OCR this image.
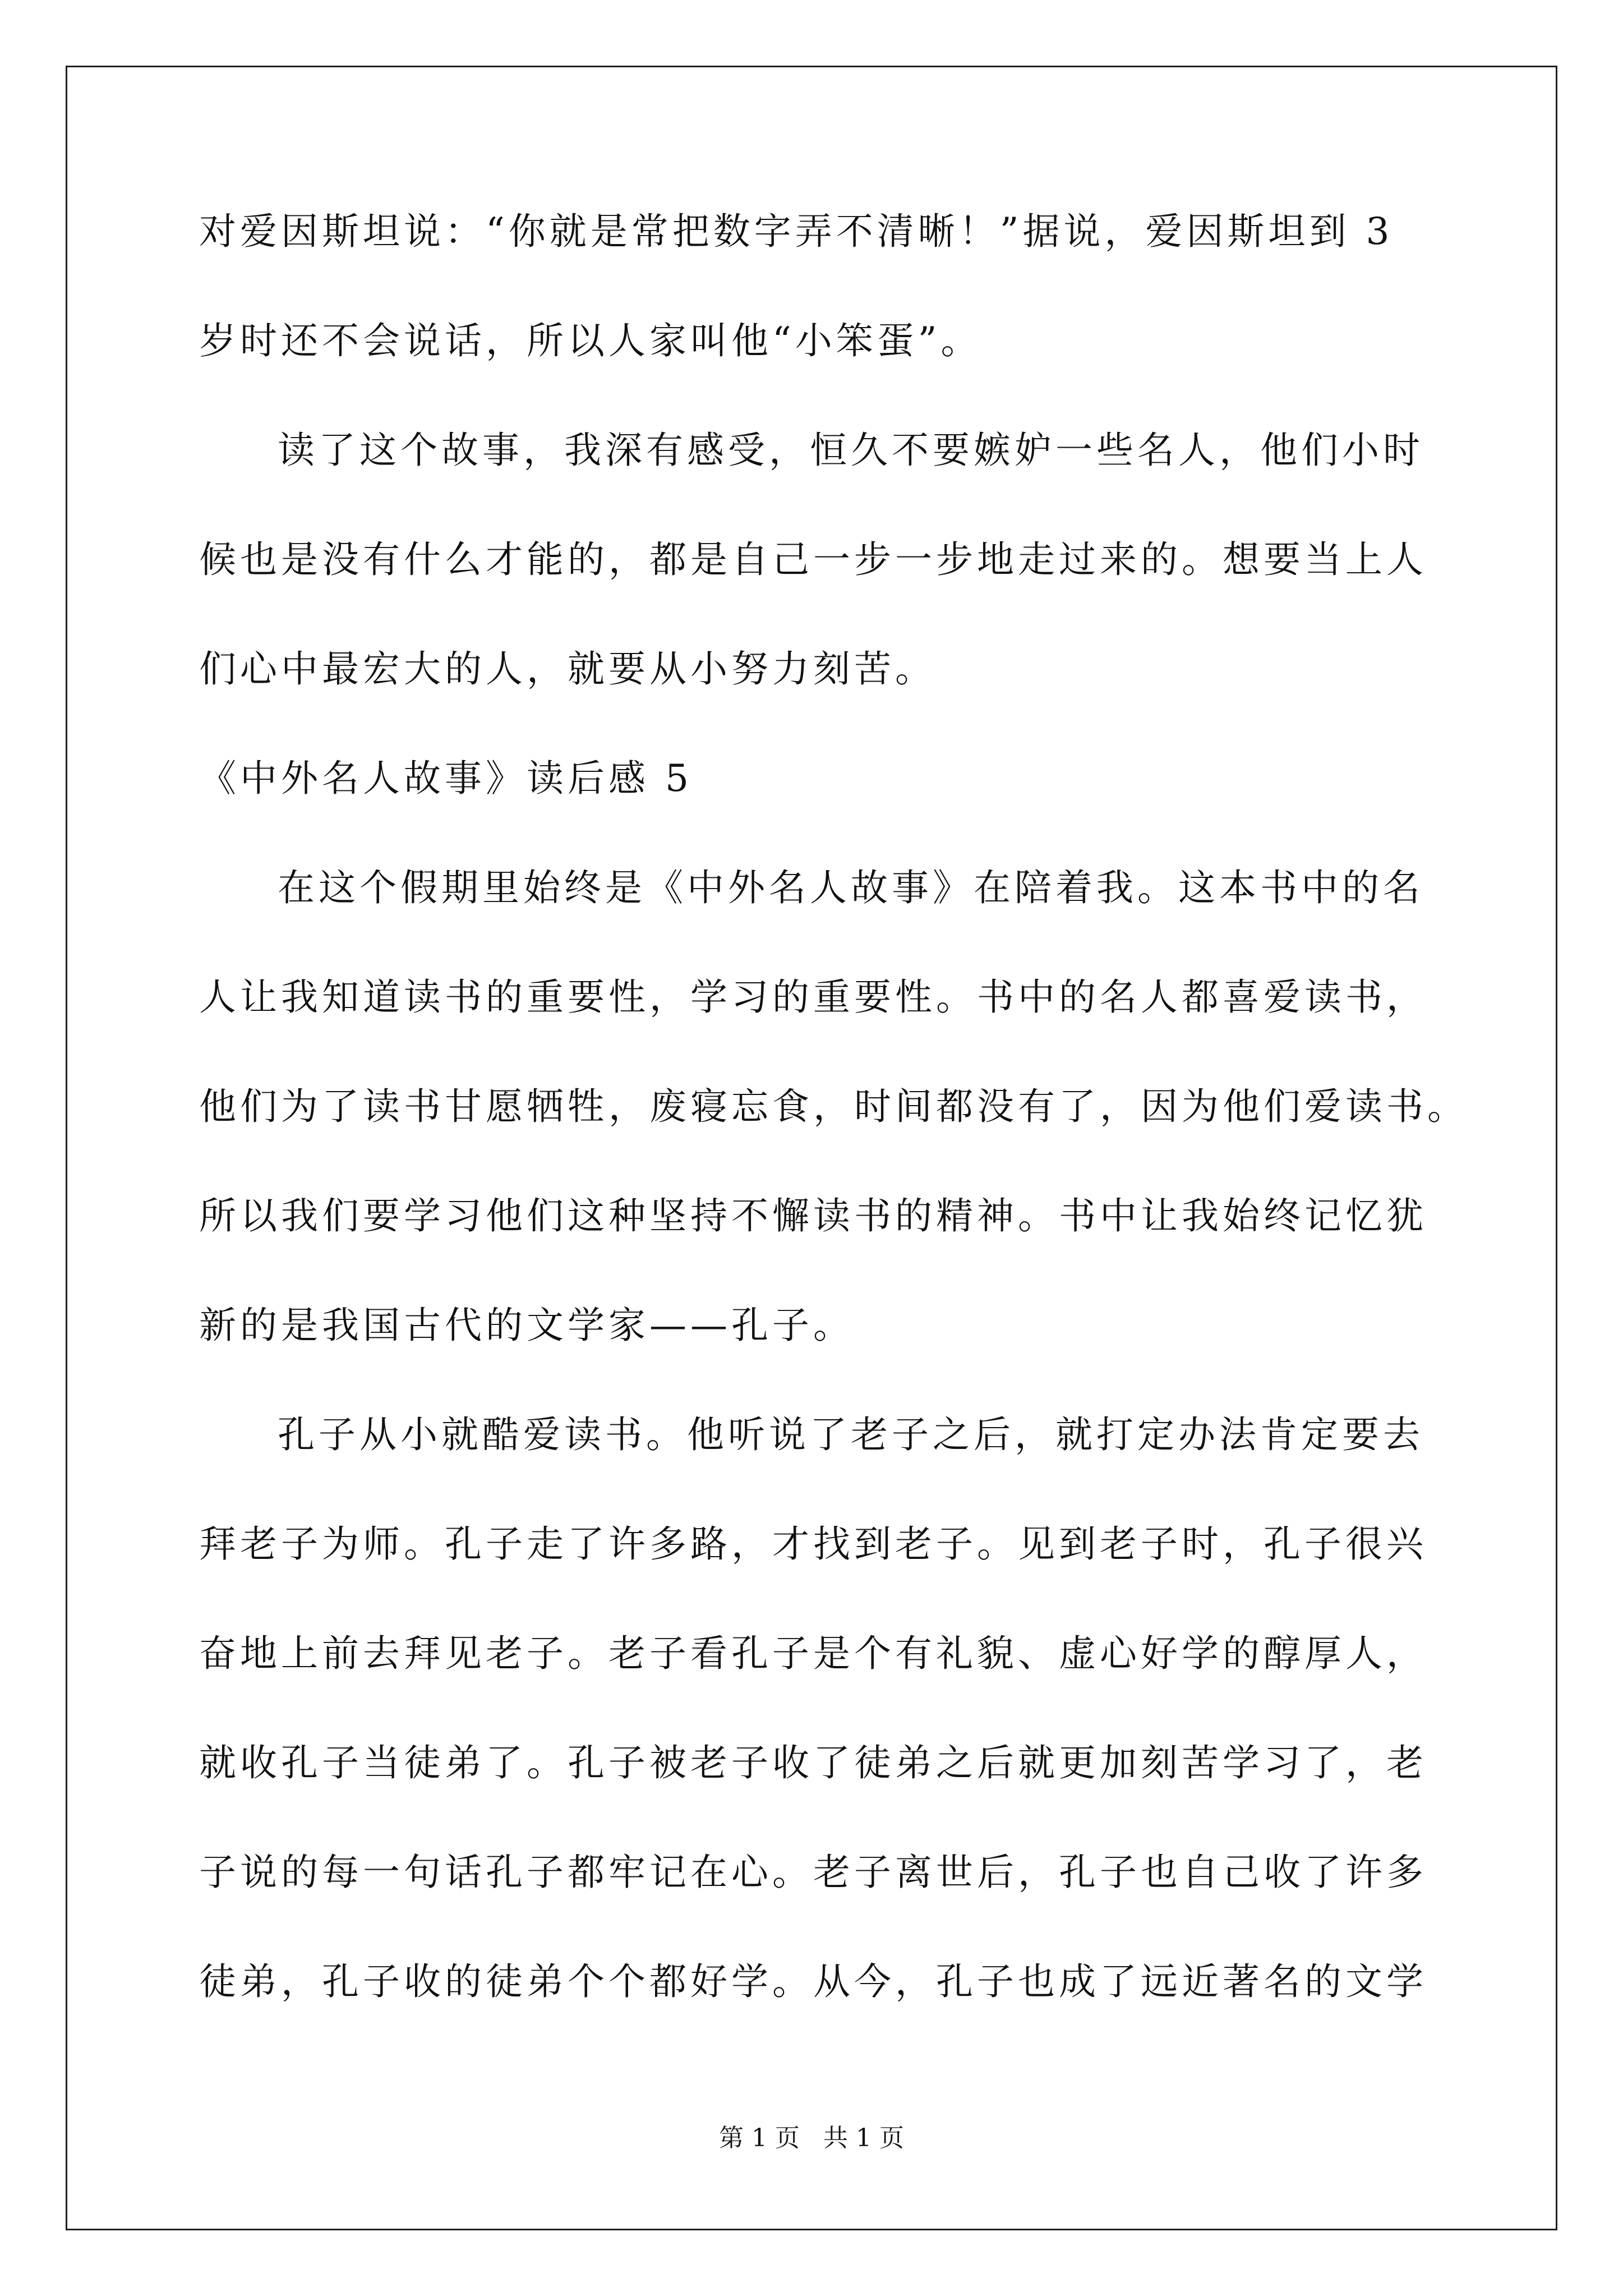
对爱因斯坦说：“你就是常把数字弄不清晰！”据说，爱因斯坦到 3
岁时还不会说话，所以人家叫他“小笨蛋”。
读了这个故事，我深有感受，恒久不要嫉妒一些名人，他们小时
候也是没有什么才能的，都是自己一步一步地走过来的。想要当上人
们心中最宏大的人，就要从小努力刻苦。
《中外名人故事》读后感 5
在这个假期里始终是《中外名人故事》在陪着我。这本书中的名
人让我知道读书的重要性，学习的重要性。书中的名人都喜爱读书，
他们为了读书甘愿牺牲，废寝忘食，时间都没有了，因为他们爱读书。
所以我们要学习他们这种坚持不懈读书的精神。书中让我始终记忆犹
新的是我国古代的文学家——孔子。
孔子从小就酷爱读书。他听说了老子之后，就打定办法肯定要去
拜老子为师。孔子走了许多路，才找到老子。见到老子时，孔子很兴
奋地上前去拜见老子。老子看孔子是个有礼貌、虚心好学的醇厚人，
就收孔子当徒弟了。孔子被老子收了徒弟之后就更加刻苦学习了，老
子说的每一句话孔子都牢记在心。老子离世后，孔子也自己收了许多
徒弟，孔子收的徒弟个个都好学。从今，孔子也成了远近著名的文学
第 1 页 共 1 页
